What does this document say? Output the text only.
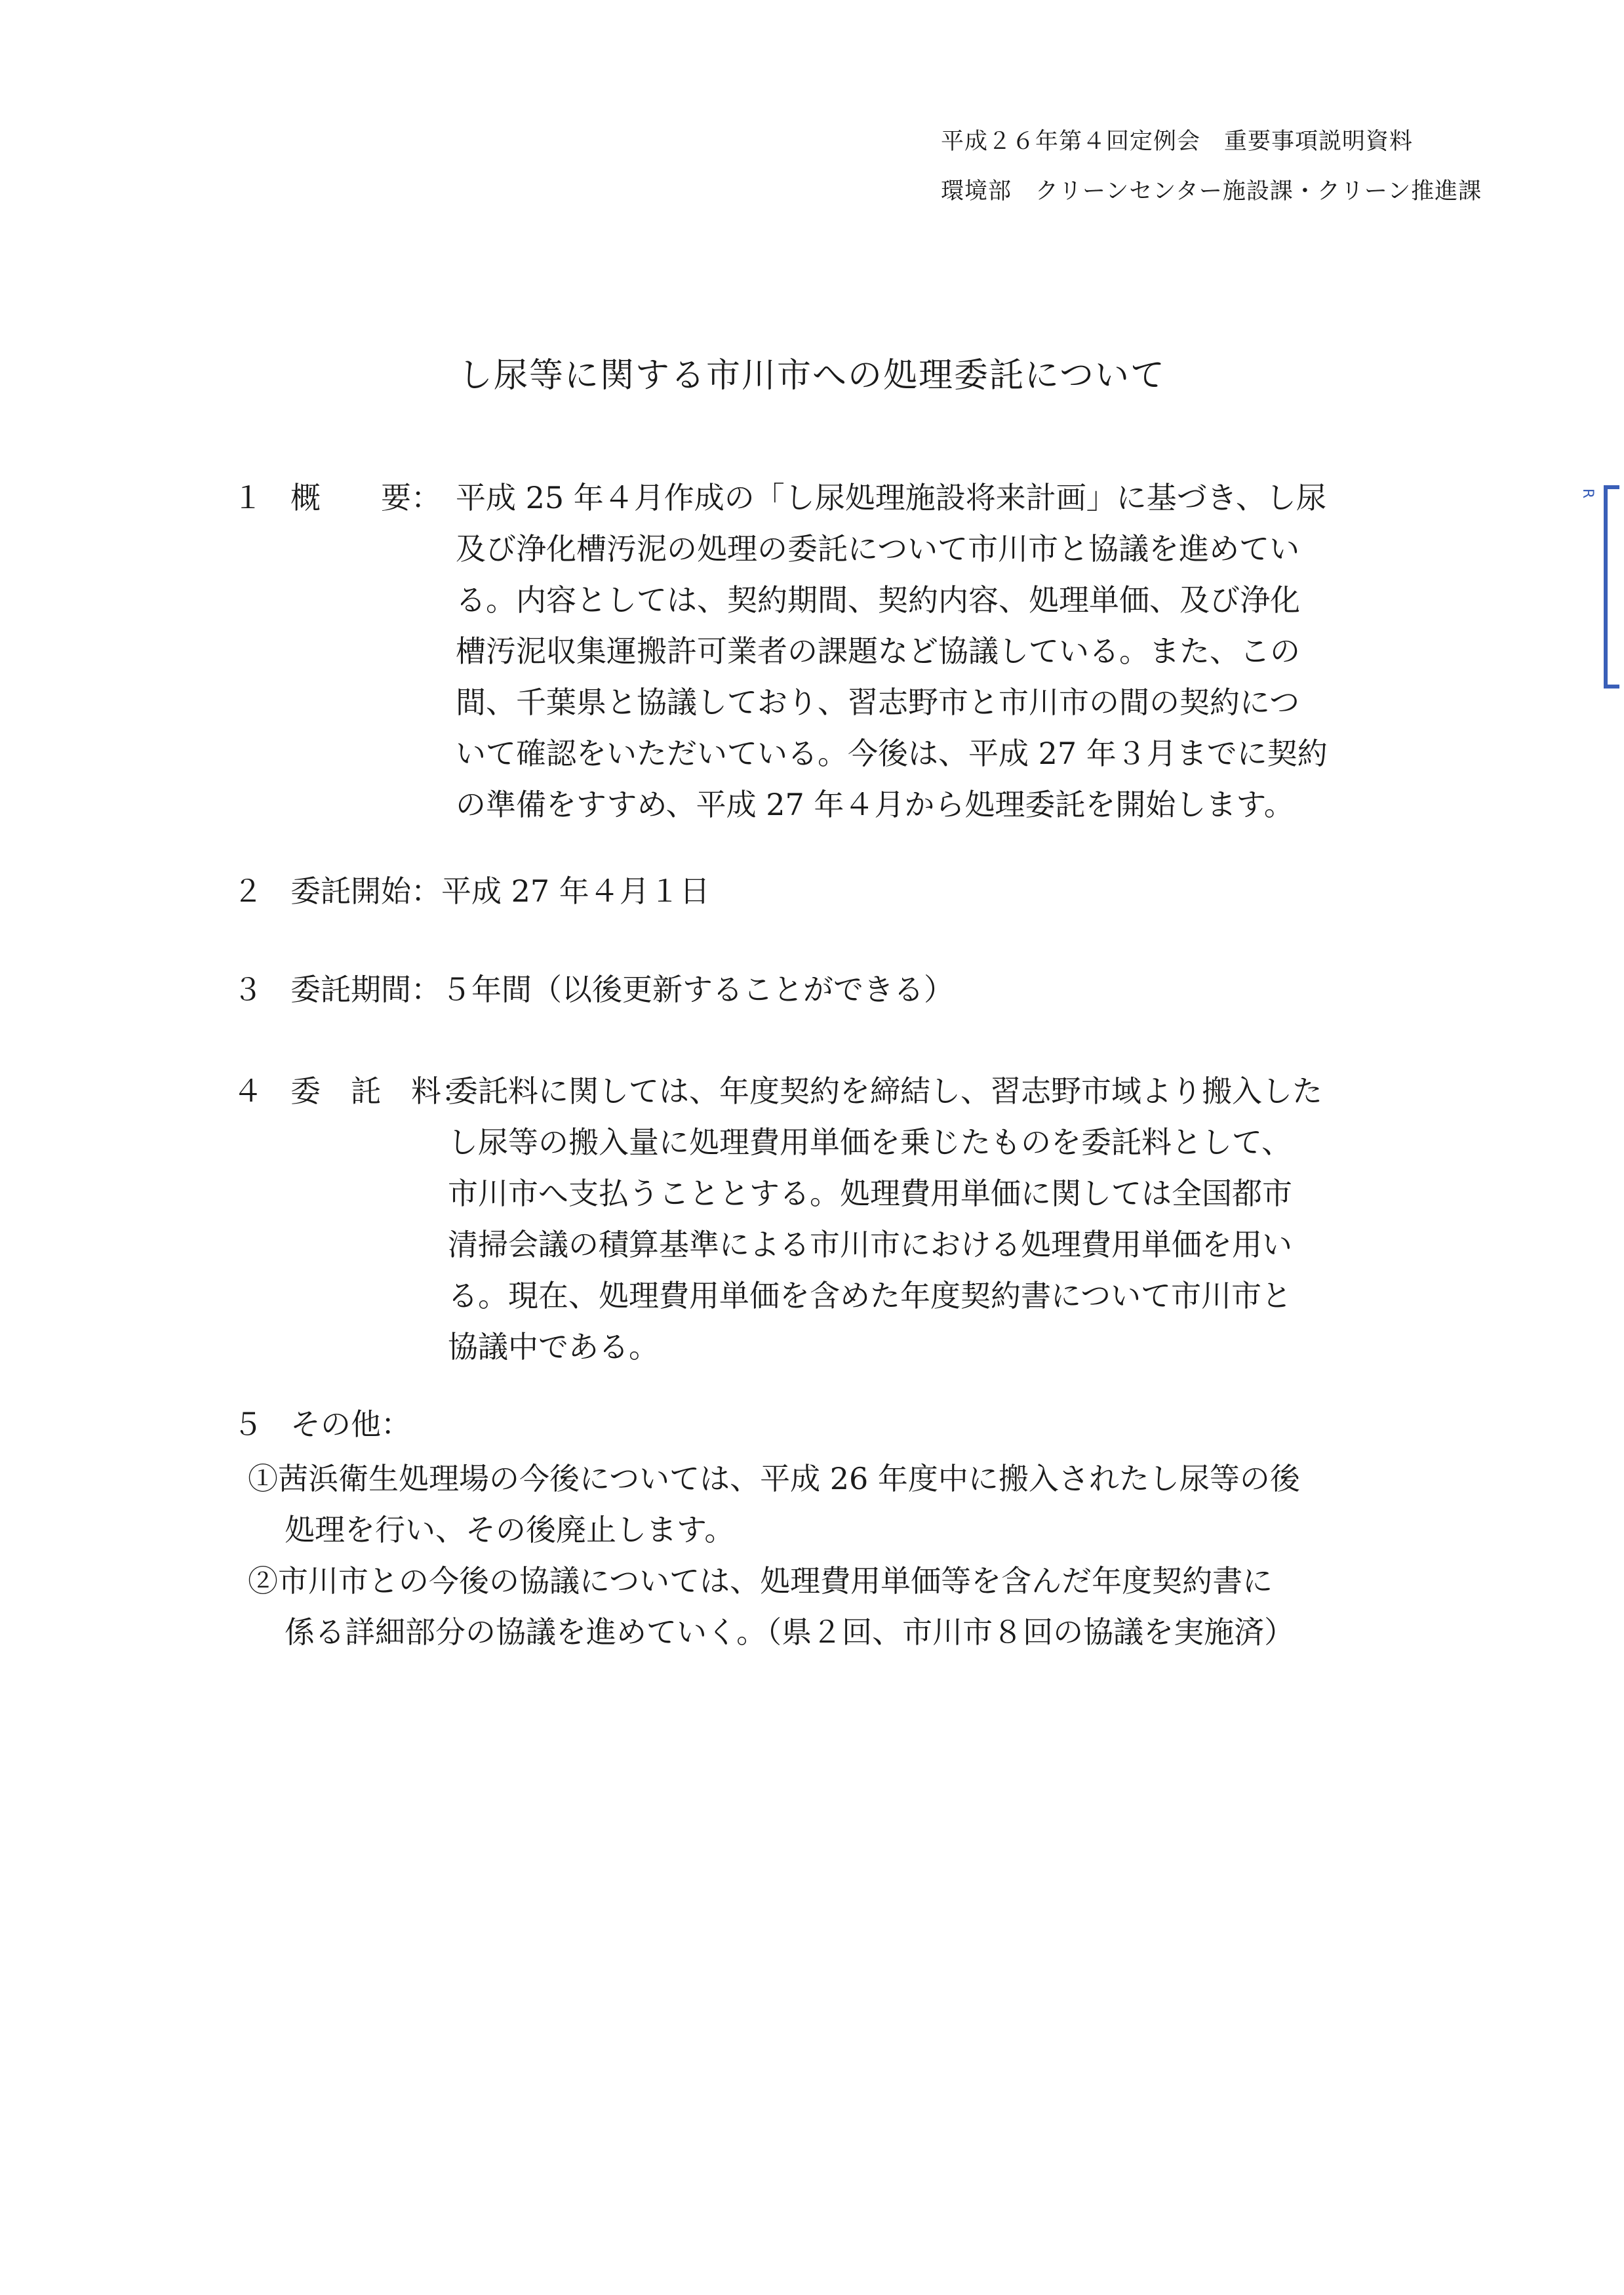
平成２６年第４回定例会　重要事項説明資料
環境部　クリーンセンター施設課・クリーン推進課
し尿等に関する市川市への処理委託について
１ 概　　要： 平成 25 年４月作成の「し尿処理施設将来計画」に基づき、し尿
及び浄化槽汚泥の処理の委託について市川市と協議を進めてい
る。内容としては、契約期間、契約内容、処理単価、及び浄化
槽汚泥収集運搬許可業者の課題など協議している。また、この
間、千葉県と協議しており、習志野市と市川市の間の契約につ
いて確認をいただいている。今後は、平成 27 年３月までに契約
の準備をすすめ、平成 27 年４月から処理委託を開始します。
２ 委託開始：平成 27 年４月１日
３ 委託期間：５年間（以後更新することができる）
４ 委　託　料：
委託料に関しては、年度契約を締結し、習志野市域より搬入した
し尿等の搬入量に処理費用単価を乗じたものを委託料として、
市川市へ支払うこととする。処理費用単価に関しては全国都市
清掃会議の積算基準による市川市における処理費用単価を用い
る。現在、処理費用単価を含めた年度契約書について市川市と
協議中である。
５ その他：
①茜浜衛生処理場の今後については、平成 26 年度中に搬入されたし尿等の後
処理を行い、その後廃止します。
②市川市との今後の協議については、処理費用単価等を含んだ年度契約書に
係る詳細部分の協議を進めていく。（県２回、市川市８回の協議を実施済）
R
